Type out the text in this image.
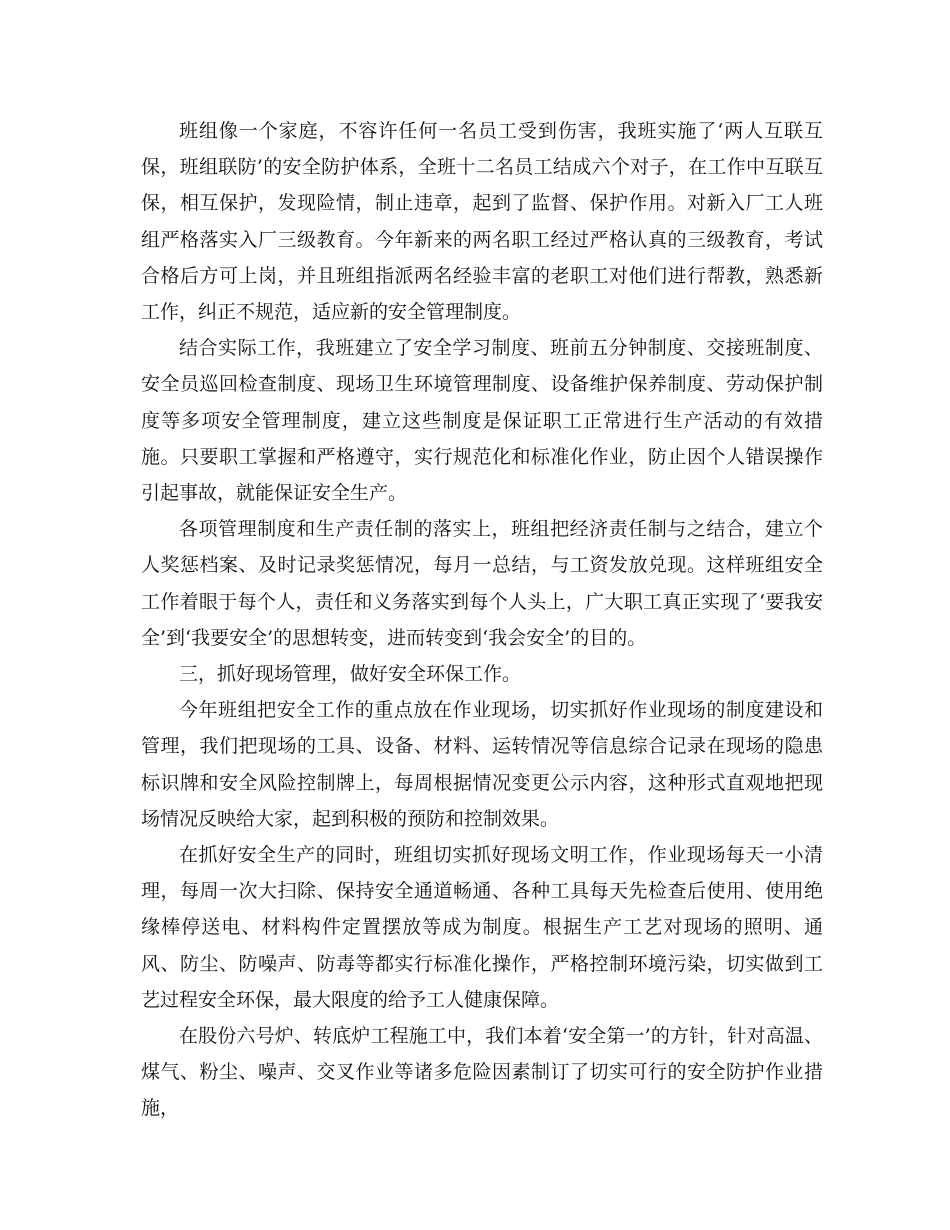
班组像一个家庭，不容许任何一名员工受到伤害，我班实施了‘两人互联互保，班组联防’的安全防护体系，全班十二名员工结成六个对子，在工作中互联互保，相互保护，发现险情，制止违章，起到了监督、保护作用。对新入厂工人班组严格落实入厂三级教育。今年新来的两名职工经过严格认真的三级教育，考试合格后方可上岗，并且班组指派两名经验丰富的老职工对他们进行帮教，熟悉新工作，纠正不规范，适应新的安全管理制度。

结合实际工作，我班建立了安全学习制度、班前五分钟制度、交接班制度、安全员巡回检查制度、现场卫生环境管理制度、设备维护保养制度、劳动保护制度等多项安全管理制度，建立这些制度是保证职工正常进行生产活动的有效措施。只要职工掌握和严格遵守，实行规范化和标准化作业，防止因个人错误操作引起事故，就能保证安全生产。

各项管理制度和生产责任制的落实上，班组把经济责任制与之结合，建立个人奖惩档案、及时记录奖惩情况，每月一总结，与工资发放兑现。这样班组安全工作着眼于每个人，责任和义务落实到每个人头上，广大职工真正实现了‘要我安全’到‘我要安全’的思想转变，进而转变到‘我会安全’的目的。

三，抓好现场管理，做好安全环保工作。

今年班组把安全工作的重点放在作业现场，切实抓好作业现场的制度建设和管理，我们把现场的工具、设备、材料、运转情况等信息综合记录在现场的隐患标识牌和安全风险控制牌上，每周根据情况变更公示内容，这种形式直观地把现场情况反映给大家，起到积极的预防和控制效果。

在抓好安全生产的同时，班组切实抓好现场文明工作，作业现场每天一小清理，每周一次大扫除、保持安全通道畅通、各种工具每天先检查后使用、使用绝缘棒停送电、材料构件定置摆放等成为制度。根据生产工艺对现场的照明、通风、防尘、防噪声、防毒等都实行标准化操作，严格控制环境污染，切实做到工艺过程安全环保，最大限度的给予工人健康保障。

在股份六号炉、转底炉工程施工中，我们本着‘安全第一’的方针，针对高温、煤气、粉尘、噪声、交叉作业等诸多危险因素制订了切实可行的安全防护作业措施，
